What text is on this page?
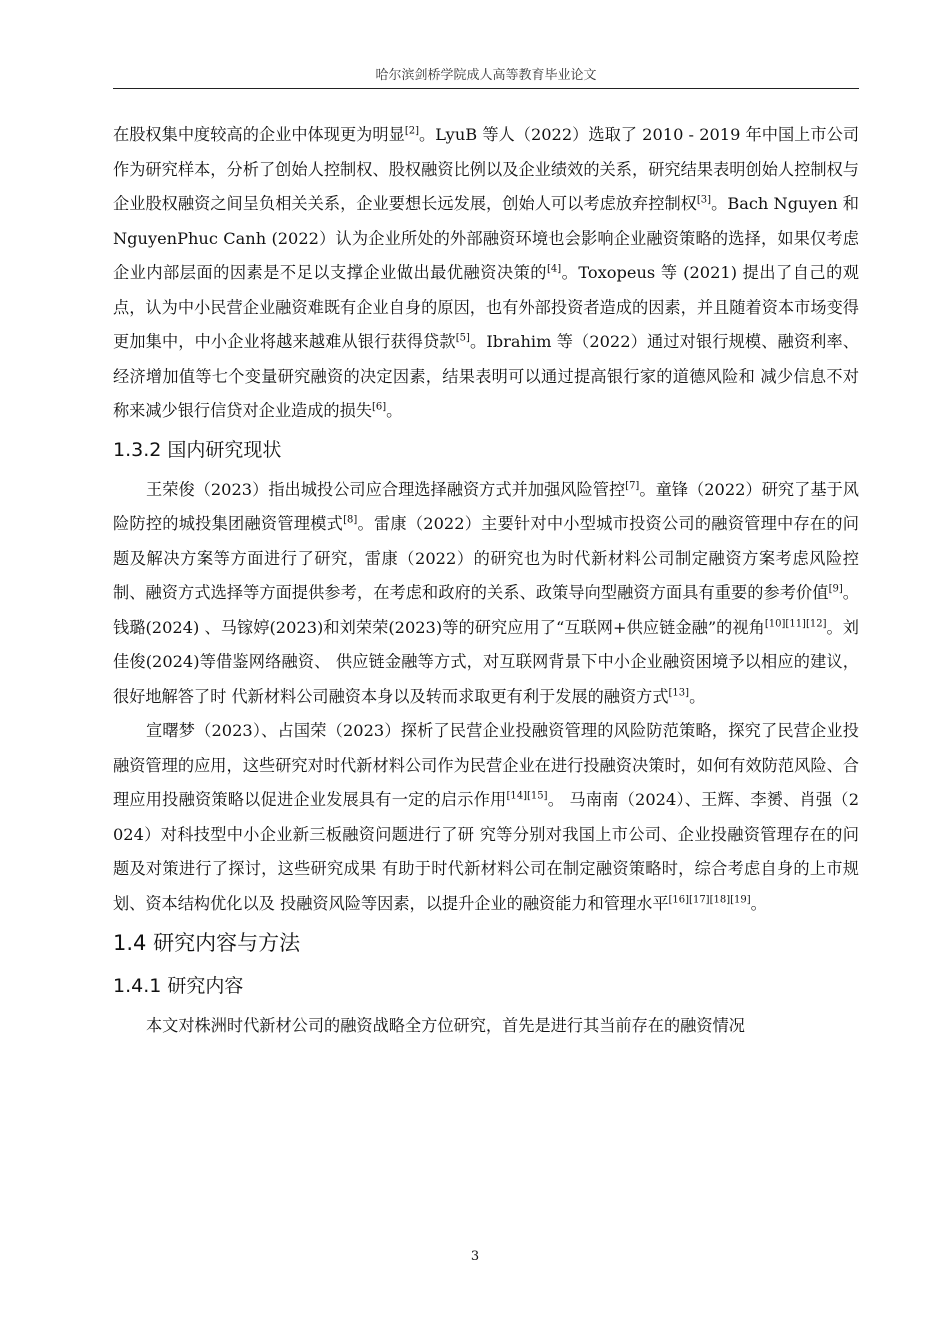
哈尔滨剑桥学院成人高等教育毕业论文

在股权集中度较高的企业中体现更为明显[2]。LyuB 等人（2022）选取了 2010 - 2019 年中国上市公司作为研究样本，分析了创始人控制权、股权融资比例以及企业绩效的关系，研究结果表明创始人控制权与企业股权融资之间呈负相关关系，企业要想长远发展，创始人可以考虑放弃控制权[3]。Bach Nguyen 和 NguyenPhuc Canh (2022）认为企业所处的外部融资环境也会影响企业融资策略的选择，如果仅考虑企业内部层面的因素是不足以支撑企业做出最优融资决策的[4]。Toxopeus 等 (2021) 提出了自己的观点，认为中小民营企业融资难既有企业自身的原因，也有外部投资者造成的因素，并且随着资本市场变得更加集中，中小企业将越来越难从银行获得贷款[5]。Ibrahim 等（2022）通过对银行规模、融资利率、 经济增加值等七个变量研究融资的决定因素，结果表明可以通过提高银行家的道德风险和 减少信息不对称来减少银行信贷对企业造成的损失[6]。

1.3.2 国内研究现状

王荣俊（2023）指出城投公司应合理选择融资方式并加强风险管控[7]。童锋（2022）研究了基于风险防控的城投集团融资管理模式[8]。雷康（2022）主要针对中小型城市投资公司的融资管理中存在的问题及解决方案等方面进行了研究，雷康（2022）的研究也为时代新材料公司制定融资方案考虑风险控制、融资方式选择等方面提供参考，在考虑和政府的关系、政策导向型融资方面具有重要的参考价值[9]。钱璐(2024) 、马镓婷(2023)和刘荣荣(2023)等的研究应用了“互联网+供应链金融”的视角[10][11][12]。刘佳俊(2024)等借鉴网络融资、 供应链金融等方式，对互联网背景下中小企业融资困境予以相应的建议，很好地解答了时 代新材料公司融资本身以及转而求取更有利于发展的融资方式[13]。

宣曙梦（2023）、占国荣（2023）探析了民营企业投融资管理的风险防范策略，探究了民营企业投融资管理的应用，这些研究对时代新材料公司作为民营企业在进行投融资决策时，如何有效防范风险、合理应用投融资策略以促进企业发展具有一定的启示作用[14][15]。 马南南（2024）、王辉、李赟、肖强（2024）对科技型中小企业新三板融资问题进行了研 究等分别对我国上市公司、企业投融资管理存在的问题及对策进行了探讨，这些研究成果 有助于时代新材料公司在制定融资策略时，综合考虑自身的上市规划、资本结构优化以及 投融资风险等因素，以提升企业的融资能力和管理水平[16][17][18][19]。

1.4 研究内容与方法
1.4.1 研究内容

本文对株洲时代新材公司的融资战略全方位研究，首先是进行其当前存在的融资情况

3
